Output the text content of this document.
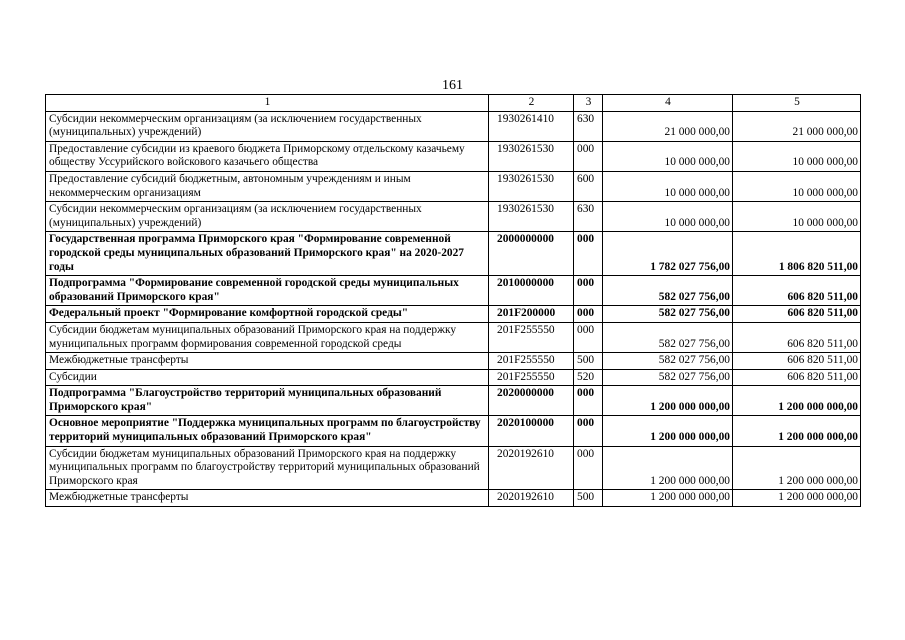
161
1	2	3	4	5
Субсидии некоммерческим организациям (за исключением государственных (муниципальных) учреждений)	1930261410	630	21 000 000,00	21 000 000,00
Предоставление субсидии из краевого бюджета Приморскому отдельскому казачьему обществу Уссурийского войскового казачьего общества	1930261530	000	10 000 000,00	10 000 000,00
Предоставление субсидий бюджетным, автономным учреждениям и иным некоммерческим организациям	1930261530	600	10 000 000,00	10 000 000,00
Субсидии некоммерческим организациям (за исключением государственных (муниципальных) учреждений)	1930261530	630	10 000 000,00	10 000 000,00
Государственная программа Приморского края "Формирование современной городской среды муниципальных образований Приморского края" на 2020-2027 годы	2000000000	000	1 782 027 756,00	1 806 820 511,00
Подпрограмма "Формирование современной городской среды муниципальных образований Приморского края"	2010000000	000	582 027 756,00	606 820 511,00
Федеральный проект "Формирование комфортной городской среды"	201F200000	000	582 027 756,00	606 820 511,00
Субсидии бюджетам муниципальных образований Приморского края на поддержку муниципальных программ формирования современной городской среды	201F255550	000	582 027 756,00	606 820 511,00
Межбюджетные трансферты	201F255550	500	582 027 756,00	606 820 511,00
Субсидии	201F255550	520	582 027 756,00	606 820 511,00
Подпрограмма "Благоустройство территорий муниципальных образований Приморского края"	2020000000	000	1 200 000 000,00	1 200 000 000,00
Основное мероприятие "Поддержка муниципальных программ по благоустройству территорий муниципальных образований Приморского края"	2020100000	000	1 200 000 000,00	1 200 000 000,00
Субсидии бюджетам муниципальных образований Приморского края на поддержку муниципальных программ по благоустройству территорий муниципальных образований Приморского края	2020192610	000	1 200 000 000,00	1 200 000 000,00
Межбюджетные трансферты	2020192610	500	1 200 000 000,00	1 200 000 000,00
